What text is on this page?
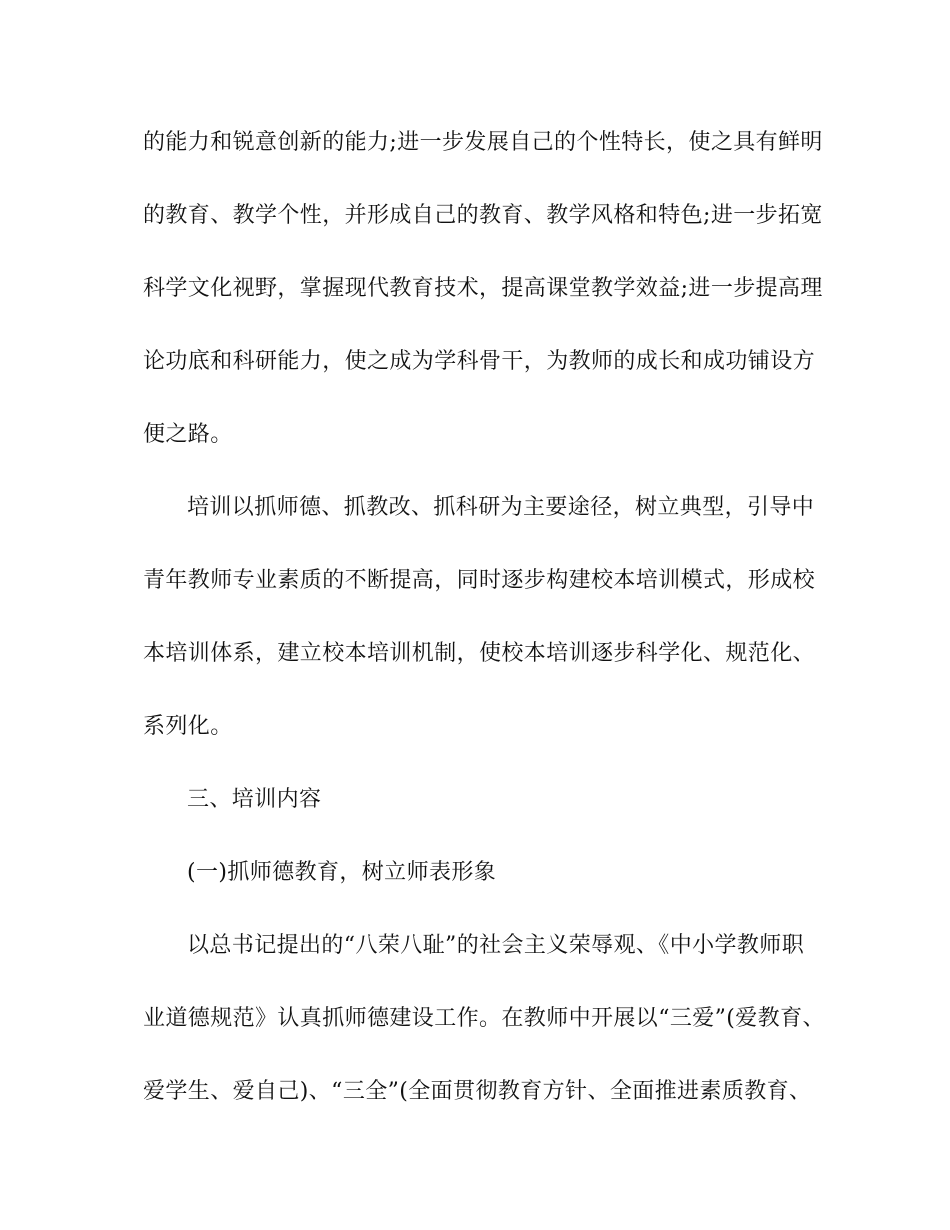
的能力和锐意创新的能力;进一步发展自己的个性特长，使之具有鲜明
的教育、教学个性，并形成自己的教育、教学风格和特色;进一步拓宽
科学文化视野，掌握现代教育技术，提高课堂教学效益;进一步提高理
论功底和科研能力，使之成为学科骨干，为教师的成长和成功铺设方
便之路。
培训以抓师德、抓教改、抓科研为主要途径，树立典型，引导中
青年教师专业素质的不断提高，同时逐步构建校本培训模式，形成校
本培训体系，建立校本培训机制，使校本培训逐步科学化、规范化、
系列化。
三、培训内容
(一)抓师德教育，树立师表形象
以总书记提出的“八荣八耻”的社会主义荣辱观、《中小学教师职
业道德规范》认真抓师德建设工作。在教师中开展以“三爱”(爱教育、
爱学生、爱自己)、“三全”(全面贯彻教育方针、全面推进素质教育、
